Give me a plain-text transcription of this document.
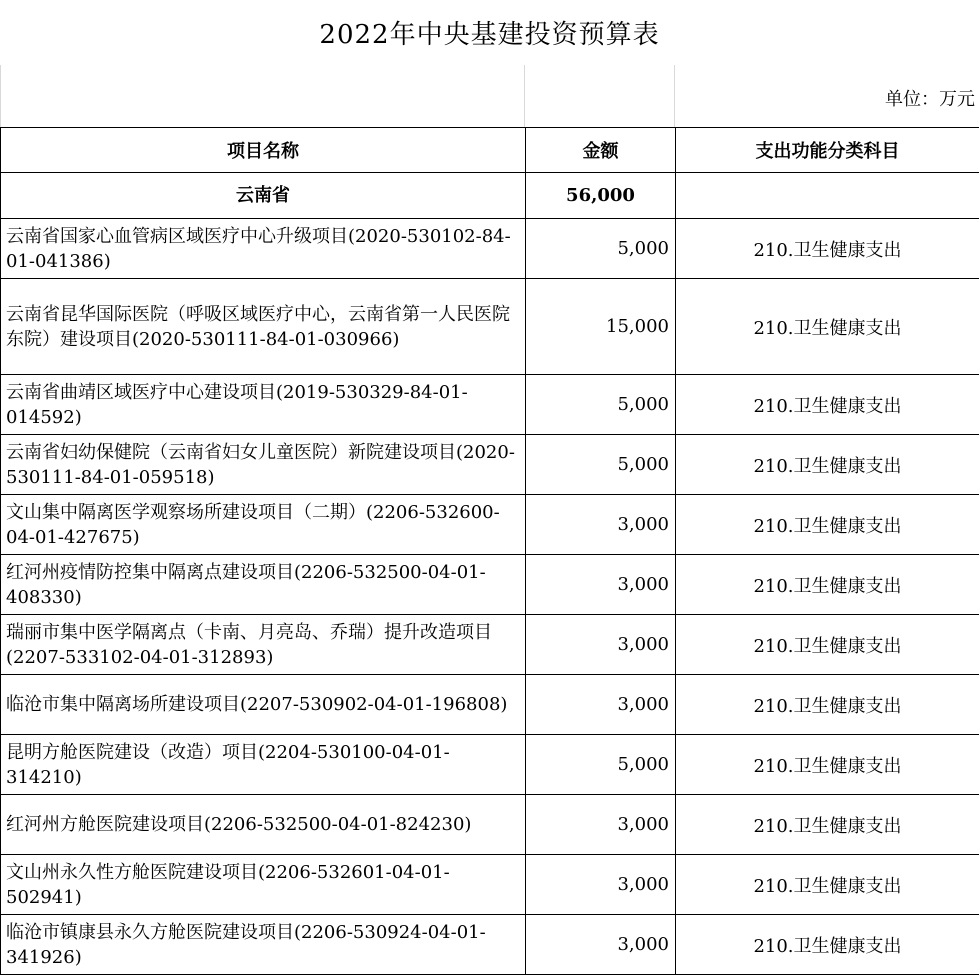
2022年中央基建投资预算表
单位：万元
项目名称	金额	支出功能分类科目
云南省	56,000	
云南省国家心血管病区域医疗中心升级项目(2020-530102-84-01-041386)	5,000	210.卫生健康支出
云南省昆华国际医院（呼吸区域医疗中心，云南省第一人民医院东院）建设项目(2020-530111-84-01-030966)	15,000	210.卫生健康支出
云南省曲靖区域医疗中心建设项目(2019-530329-84-01-014592)	5,000	210.卫生健康支出
云南省妇幼保健院（云南省妇女儿童医院）新院建设项目(2020-530111-84-01-059518)	5,000	210.卫生健康支出
文山集中隔离医学观察场所建设项目（二期）(2206-532600-04-01-427675)	3,000	210.卫生健康支出
红河州疫情防控集中隔离点建设项目(2206-532500-04-01-408330)	3,000	210.卫生健康支出
瑞丽市集中医学隔离点（卡南、月亮岛、乔瑞）提升改造项目(2207-533102-04-01-312893)	3,000	210.卫生健康支出
临沧市集中隔离场所建设项目(2207-530902-04-01-196808)	3,000	210.卫生健康支出
昆明方舱医院建设（改造）项目(2204-530100-04-01-314210)	5,000	210.卫生健康支出
红河州方舱医院建设项目(2206-532500-04-01-824230)	3,000	210.卫生健康支出
文山州永久性方舱医院建设项目(2206-532601-04-01-502941)	3,000	210.卫生健康支出
临沧市镇康县永久方舱医院建设项目(2206-530924-04-01-341926)	3,000	210.卫生健康支出
